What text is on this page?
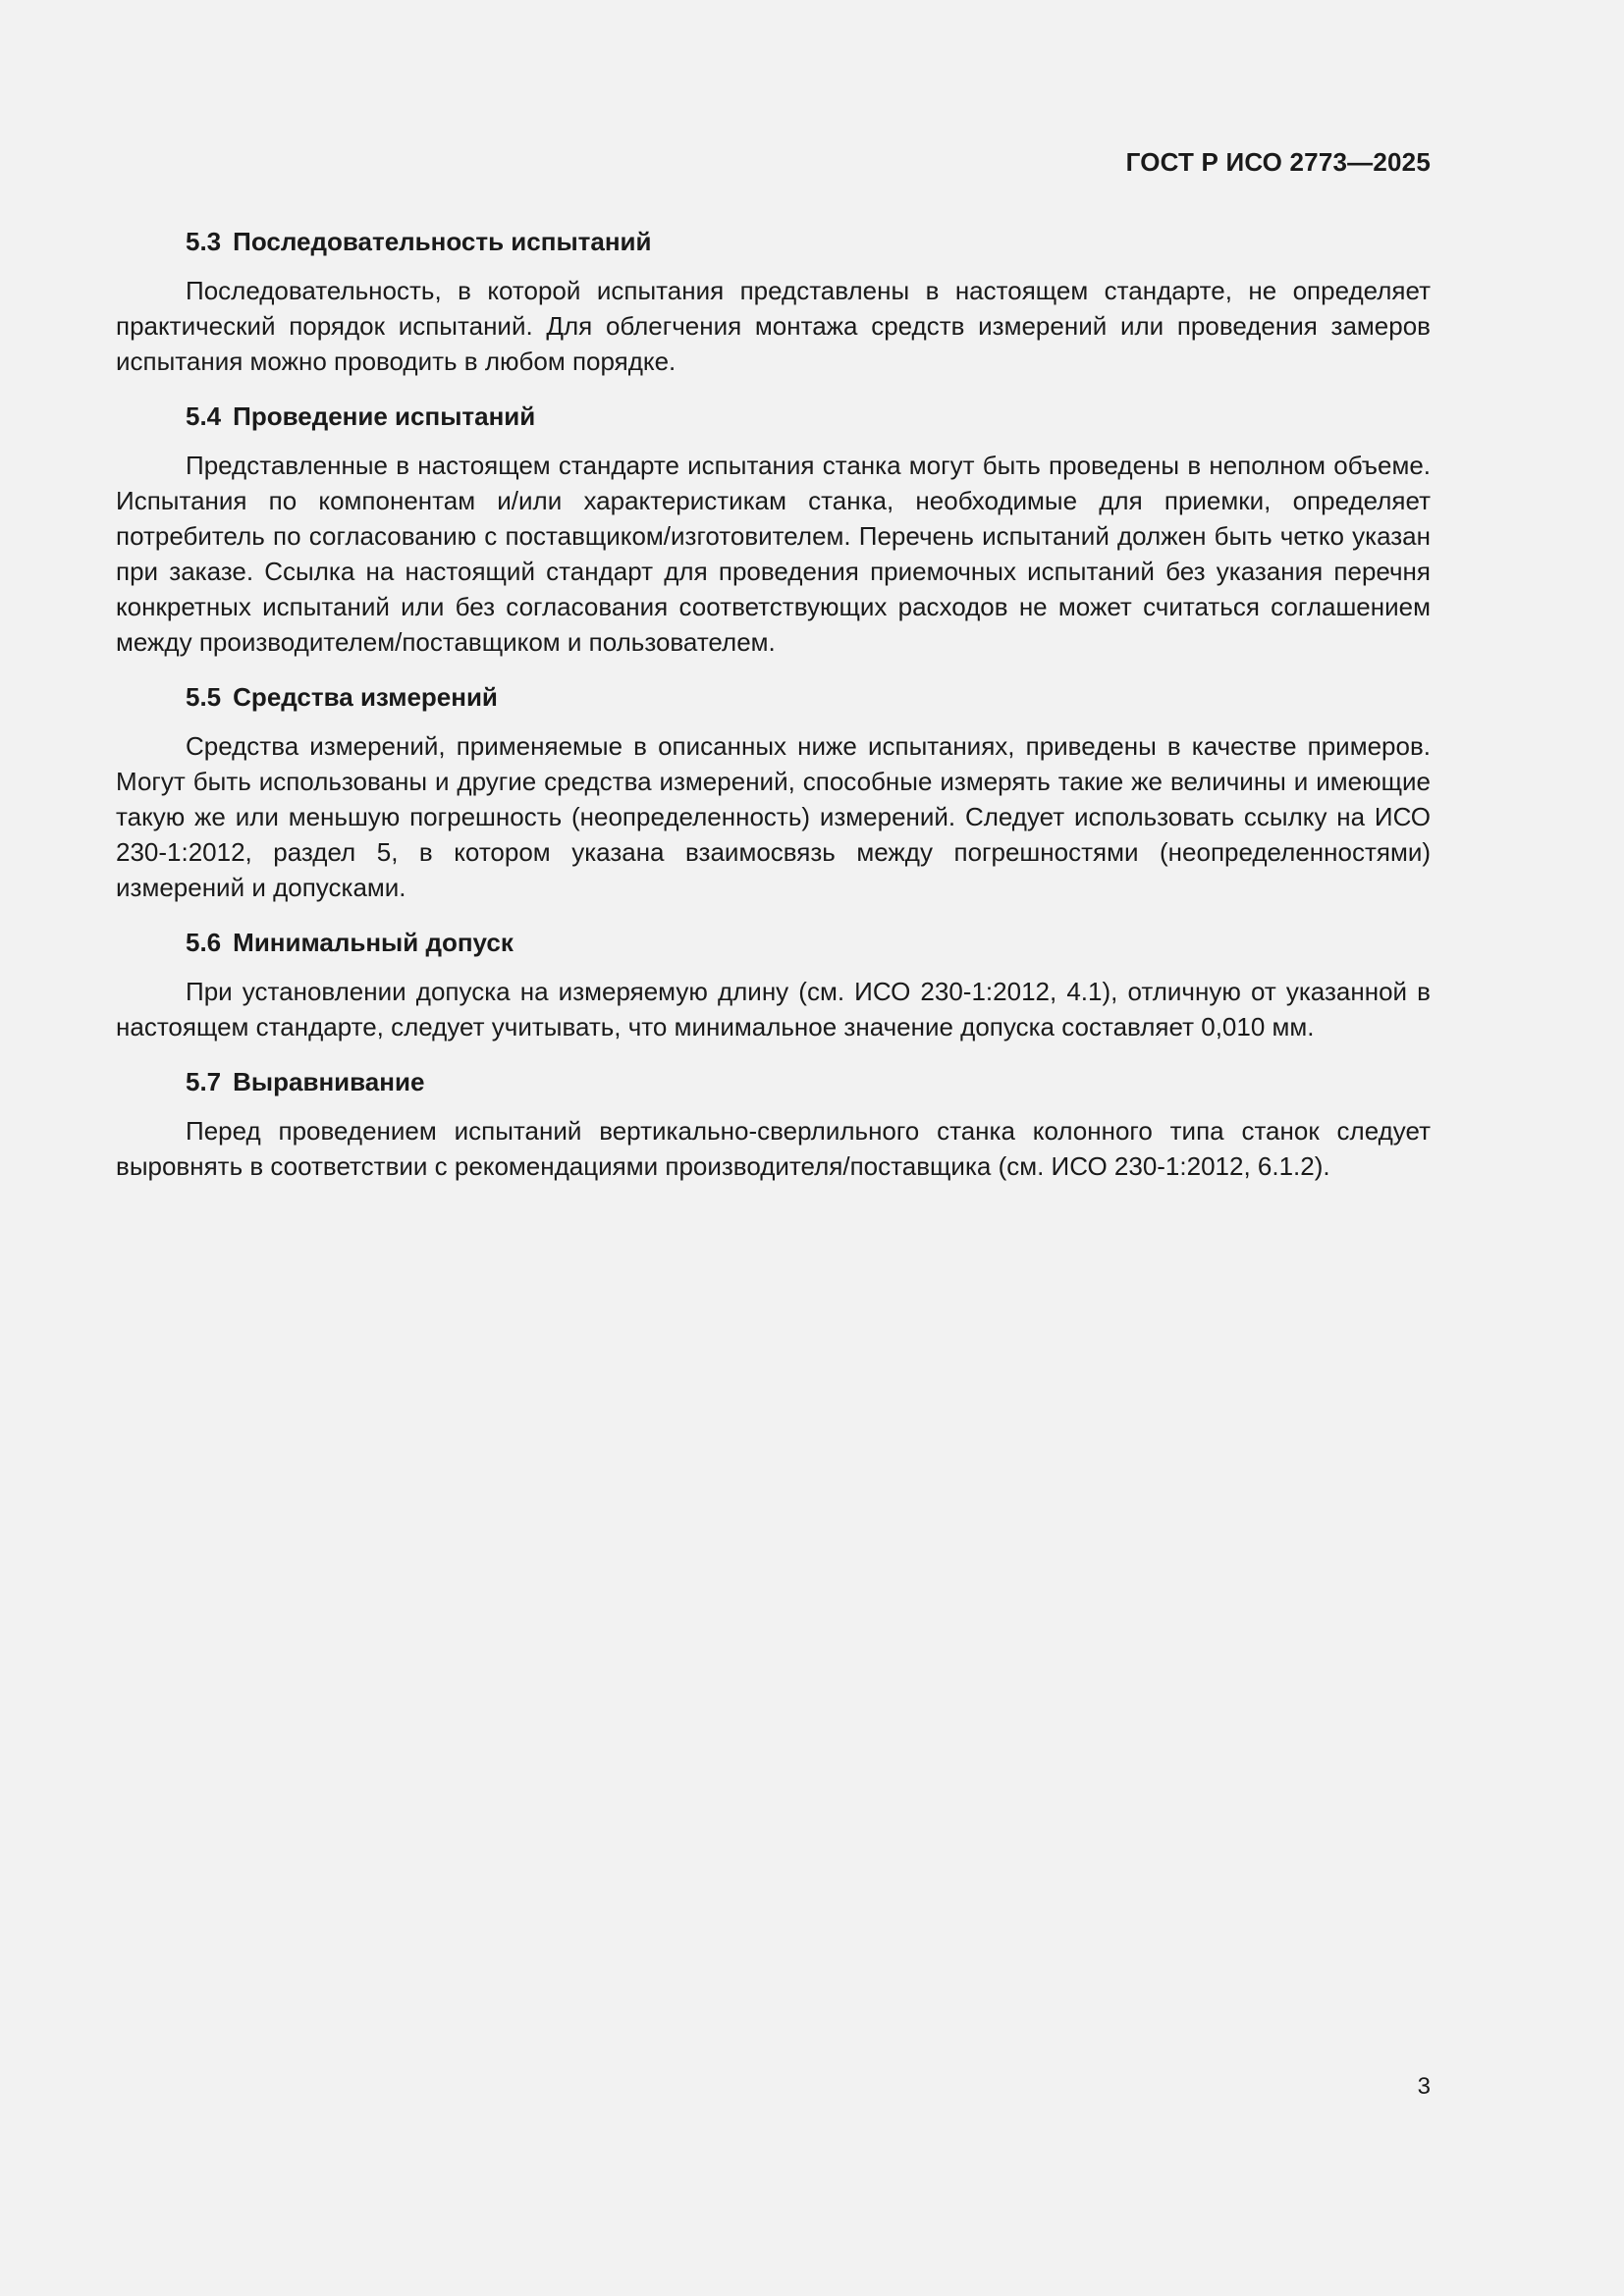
ГОСТ Р ИСО 2773—2025
5.3 Последовательность испытаний

Последовательность, в которой испытания представлены в настоящем стандарте, не определяет практический порядок испытаний. Для облегчения монтажа средств измерений или проведения замеров испытания можно проводить в любом порядке.

5.4 Проведение испытаний

Представленные в настоящем стандарте испытания станка могут быть проведены в неполном объеме. Испытания по компонентам и/или характеристикам станка, необходимые для приемки, определяет потребитель по согласованию с поставщиком/изготовителем. Перечень испытаний должен быть четко указан при заказе. Ссылка на настоящий стандарт для проведения приемочных испытаний без указания перечня конкретных испытаний или без согласования соответствующих расходов не может считаться соглашением между производителем/поставщиком и пользователем.

5.5 Средства измерений

Средства измерений, применяемые в описанных ниже испытаниях, приведены в качестве примеров. Могут быть использованы и другие средства измерений, способные измерять такие же величины и имеющие такую же или меньшую погрешность (неопределенность) измерений. Следует использовать ссылку на ИСО 230-1:2012, раздел 5, в котором указана взаимосвязь между погрешностями (неопределенностями) измерений и допусками.

5.6 Минимальный допуск

При установлении допуска на измеряемую длину (см. ИСО 230-1:2012, 4.1), отличную от указанной в настоящем стандарте, следует учитывать, что минимальное значение допуска составляет 0,010 мм.

5.7 Выравнивание

Перед проведением испытаний вертикально-сверлильного станка колонного типа станок следует выровнять в соответствии с рекомендациями производителя/поставщика (см. ИСО 230-1:2012, 6.1.2).

3
